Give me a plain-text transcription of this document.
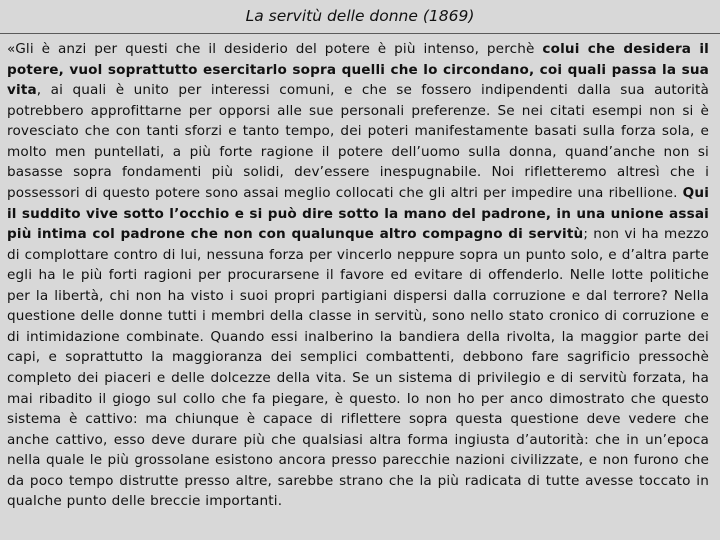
La servitù delle donne (1869)
«Gli è anzi per questi che il desiderio del potere è più intenso, perchè colui che desidera il potere, vuol soprattutto esercitarlo sopra quelli che lo circondano, coi quali passa la sua vita, ai quali è unito per interessi comuni, e che se fossero indipendenti dalla sua autorità potrebbero approfittarne per opporsi alle sue personali preferenze. Se nei citati esempi non si è rovesciato che con tanti sforzi e tanto tempo, dei poteri manifestamente basati sulla forza sola, e molto men puntellati, a più forte ragione il potere dell’uomo sulla donna, quand’anche non si basasse sopra fondamenti più solidi, dev’essere inespugnabile. Noi rifletteremo altresì che i possessori di questo potere sono assai meglio collocati che gli altri per impedire una ribellione. Qui il suddito vive sotto l’occhio e si può dire sotto la mano del padrone, in una unione assai più intima col padrone che non con qualunque altro compagno di servitù; non vi ha mezzo di complottare contro di lui, nessuna forza per vincerlo neppure sopra un punto solo, e d’altra parte egli ha le più forti ragioni per procurarsene il favore ed evitare di offenderlo. Nelle lotte politiche per la libertà, chi non ha visto i suoi propri partigiani dispersi dalla corruzione e dal terrore? Nella questione delle donne tutti i membri della classe in servitù, sono nello stato cronico di corruzione e di intimidazione combinate. Quando essi inalberino la bandiera della rivolta, la maggior parte dei capi, e soprattutto la maggioranza dei semplici combattenti, debbono fare sagrificio pressochè completo dei piaceri e delle dolcezze della vita. Se un sistema di privilegio e di servitù forzata, ha mai ribadito il giogo sul collo che fa piegare, è questo. Io non ho per anco dimostrato che questo sistema è cattivo: ma chiunque è capace di riflettere sopra questa questione deve vedere che anche cattivo, esso deve durare più che qualsiasi altra forma ingiusta d’autorità: che in un’epoca nella quale le più grossolane esistono ancora presso parecchie nazioni civilizzate, e non furono che da poco tempo distrutte presso altre, sarebbe strano che la più radicata di tutte avesse toccato in qualche punto delle breccie importanti.
